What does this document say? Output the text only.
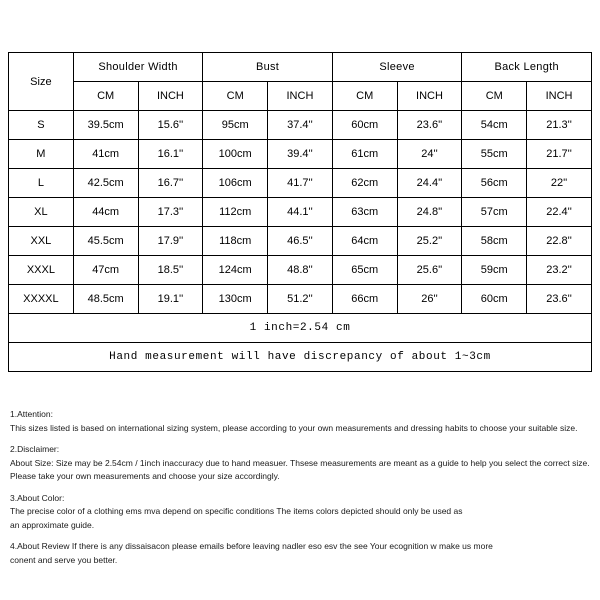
Size	Shoulder Width		Bust		Sleeve		Back Length	
	CM	INCH	CM	INCH	CM	INCH	CM	INCH
S	39.5cm	15.6''	95cm	37.4''	60cm	23.6''	54cm	21.3''
M	41cm	16.1''	100cm	39.4''	61cm	24''	55cm	21.7''
L	42.5cm	16.7''	106cm	41.7''	62cm	24.4''	56cm	22''
XL	44cm	17.3''	112cm	44.1''	63cm	24.8''	57cm	22.4''
XXL	45.5cm	17.9''	118cm	46.5''	64cm	25.2''	58cm	22.8''
XXXL	47cm	18.5''	124cm	48.8''	65cm	25.6''	59cm	23.2''
XXXXL	48.5cm	19.1''	130cm	51.2''	66cm	26''	60cm	23.6''
1 inch=2.54 cm								
Hand measurement will have discrepancy of about 1~3cm								

1.Attention:

This sizes listed is based on international sizing system, please according to your own measurements and dressing habits to choose your suitable size.

2.Disclaimer:

About Size: Size may be 2.54cm / 1inch inaccuracy due to hand measuer. Thsese measurements are meant as a guide to help you select the correct size.

Please take your own measurements and choose your size accordingly.

3.About Color:

The precise color of a clothing ems mva depend on specific conditions The items colors depicted should only be used as

an approximate guide.

4.About Review If there is any dissaisacon please emails before leaving nadler eso esv the see Your ecognition w make us more

conent and serve you better.
